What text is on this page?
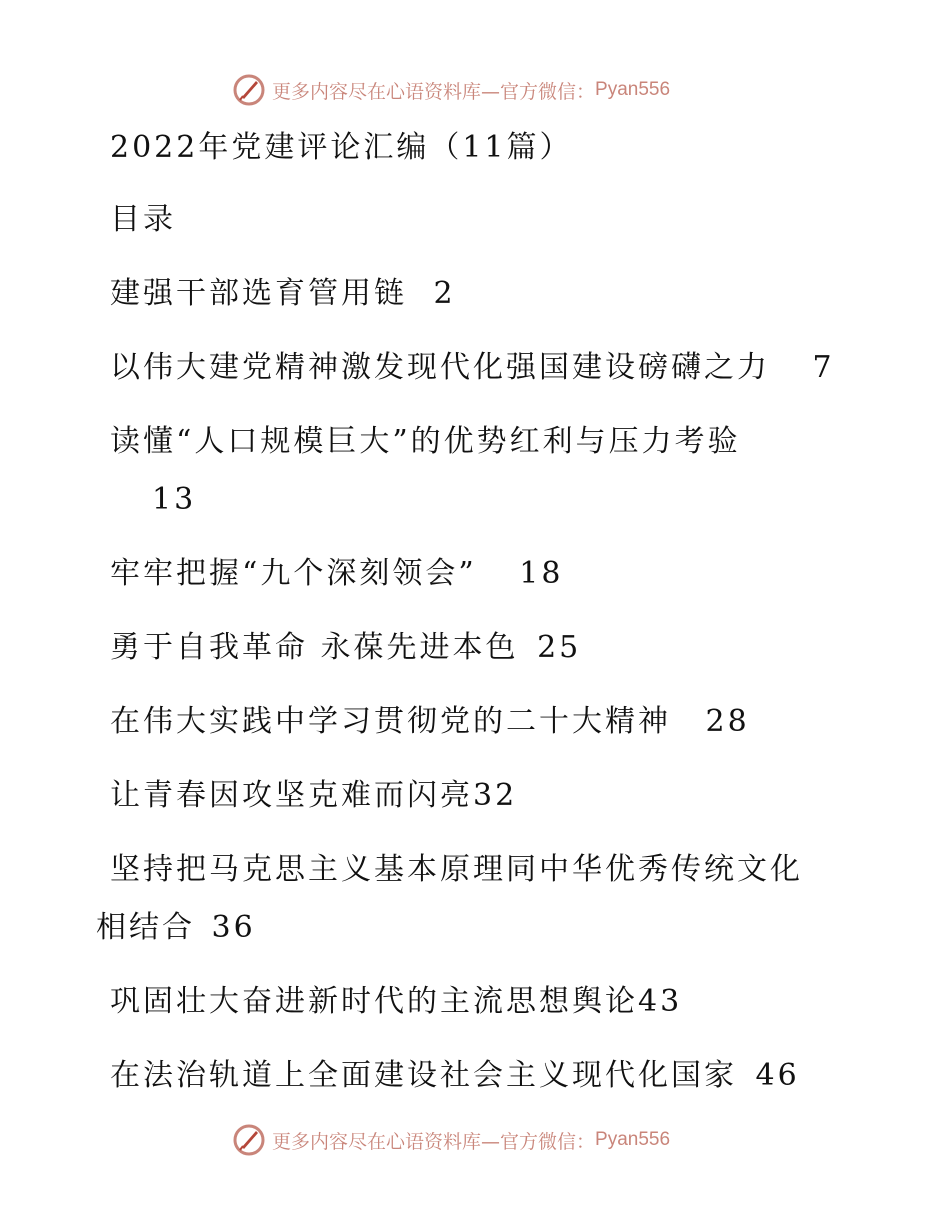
更多内容尽在心语资料库—官方微信： Pyan556
2022年党建评论汇编（11篇）
目录
建强干部选育管用链 2
以伟大建党精神激发现代化强国建设磅礴之力 7
读懂“人口规模巨大”的优势红利与压力考验
13
牢牢把握“九个深刻领会” 18
勇于自我革命 永葆先进本色 25
在伟大实践中学习贯彻党的二十大精神 28
让青春因攻坚克难而闪亮32
坚持把马克思主义基本原理同中华优秀传统文化
相结合 36
巩固壮大奋进新时代的主流思想舆论43
在法治轨道上全面建设社会主义现代化国家 46
更多内容尽在心语资料库—官方微信： Pyan556
